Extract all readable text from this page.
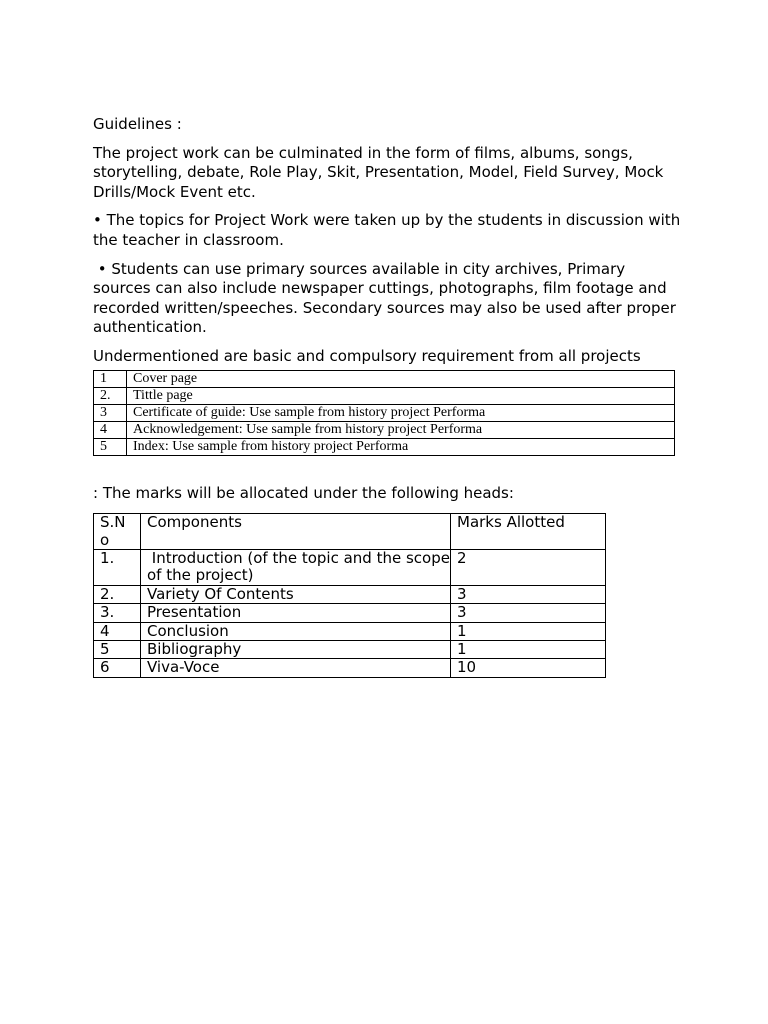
Guidelines :

The project work can be culminated in the form of films, albums, songs, storytelling, debate, Role Play, Skit, Presentation, Model, Field Survey, Mock Drills/Mock Event etc.

• The topics for Project Work were taken up by the students in discussion with the teacher in classroom.

• Students can use primary sources available in city archives, Primary sources can also include newspaper cuttings, photographs, film footage and recorded written/speeches. Secondary sources may also be used after proper authentication.

Undermentioned are basic and compulsory requirement from all projects

1	Cover page
2.	Tittle page
3	Certificate of guide: Use sample from history project Performa
4	Acknowledgement: Use sample from history project Performa
5	Index: Use sample from history project Performa

: The marks will be allocated under the following heads:

S.No	Components	Marks Allotted
1.	Introduction (of the topic and the scope of the project)	2
2.	Variety Of Contents	3
3.	Presentation	3
4	Conclusion	1
5	Bibliography	1
6	Viva-Voce	10
